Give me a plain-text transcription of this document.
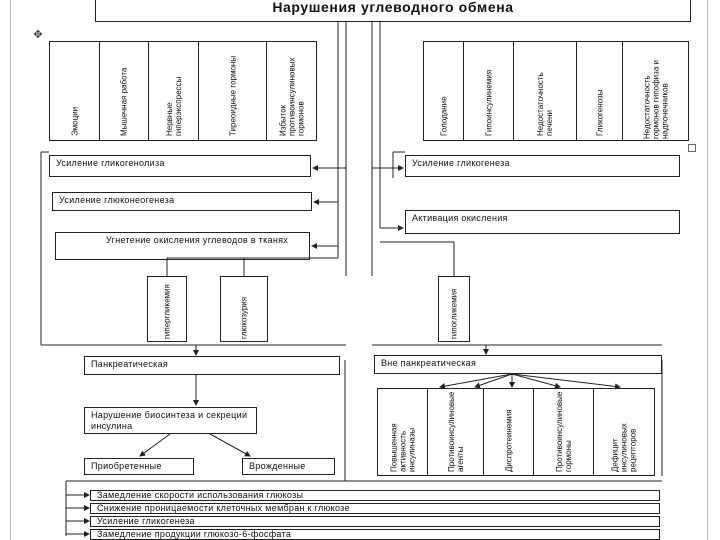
✥
Нарушения углеводного обмена
Эмоции	Мышечная работа	Нервные гиперэкспрессы	Тиреоидные гормоны	Избыток противоинсулиновых гормонов	Голодание	Гипоинсулинемия	Недостаточность печени	Гликогенозы	Недостаточность гормонов гипофиза и надпочечников
Усиление гликогенолиза
Усиление глюконеогенеза
Угнетение окисления углеводов в тканях
Усиление гликогенеза
Активация окисления
гипергликемия	глюкозурия	гипогликемия
Панкреатическая
Нарушение биосинтеза и секреции инсулина
Приобретенные	Врожденные
Вне панкреатическая
Повышенная активность инсулиназы	Противоинсулиновые агенты	Диспротеинемия	Противоинсулиновые гормоны	Дефицит инсулиновых рецепторов
Замедление скорости использования глюкозы
Снижение проницаемости клеточных мембран к глюкозе
Усиление гликогенеза
Замедление продукции глюкозо-6-фосфата
